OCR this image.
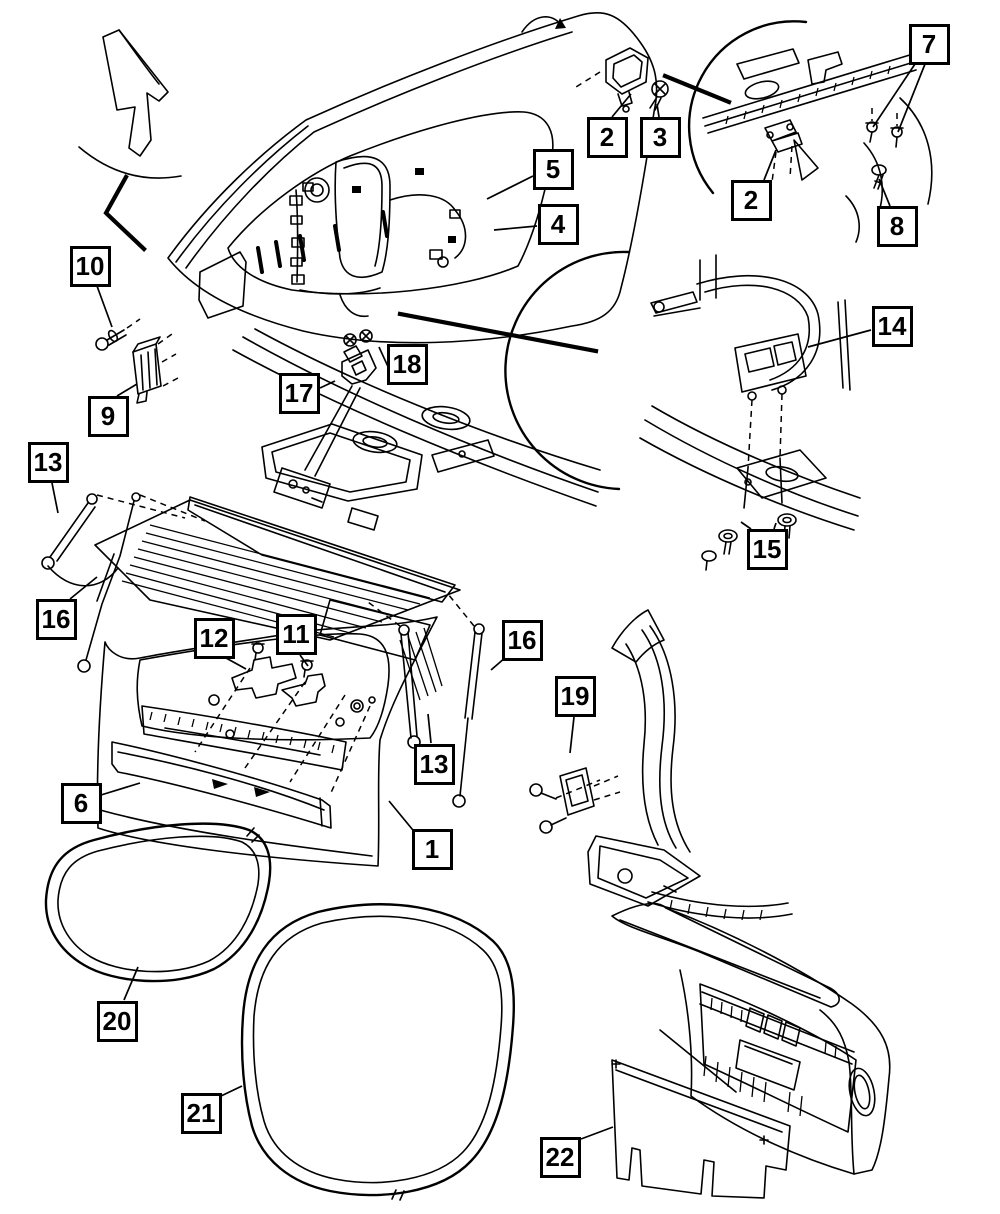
10
9
13
16
2	3
5
4
7
2
8
14
15
17
18
12 11
13
16
1
6
19
20
21
22
